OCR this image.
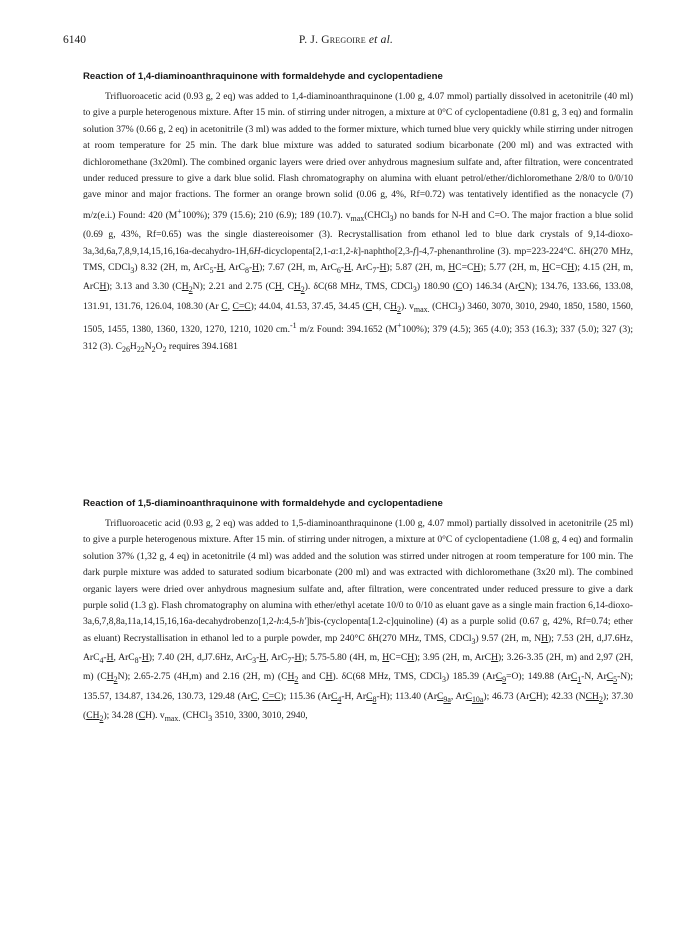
6140	P. J. Gregoire et al.
Reaction of 1,4-diaminoanthraquinone with formaldehyde and cyclopentadiene

Trifluoroacetic acid (0.93 g, 2 eq) was added to 1,4-diaminoanthraquinone (1.00 g, 4.07 mmol) partially dissolved in acetonitrile (40 ml) to give a purple heterogenous mixture. After 15 min. of stirring under nitrogen, a mixture at 0°C of cyclopentadiene (0.81 g, 3 eq) and formalin solution 37% (0.66 g, 2 eq) in acetonitrile (3 ml) was added to the former mixture, which turned blue very quickly while stirring under nitrogen at room temperature for 25 min. The dark blue mixture was added to saturated sodium bicarbonate (200 ml) and was extracted with dichloromethane (3x20ml). The combined organic layers were dried over anhydrous magnesium sulfate and, after filtration, were concentrated under reduced pressure to give a dark blue solid. Flash chromatography on alumina with eluant petrol/ether/dichloromethane 2/8/0 to 0/0/10 gave minor and major fractions. The former an orange brown solid (0.06 g, 4%, Rf=0.72) was tentatively identified as the nonacycle (7) m/z(e.i.) Found: 420 (M+100%); 379 (15.6); 210 (6.9); 189 (10.7). $v_{max}(CHCl_3)$ no bands for N-H and C=O. The major fraction a blue solid (0.69 g, 43%, Rf=0.65) was the single diastereoisomer (3). Recrystallisation from ethanol led to blue dark crystals of 9,14-dioxo-3a,3d,6a,7,8,9,14,15,16,16a-decahydro-1H,6H-dicyclopenta[2,1-a:1,2-k]-naphtho[2,3-f]-4,7-phenanthroline (3). mp=223-224°C. δH(270 MHz, TMS, CDCl$_3$) 8.32 (2H, m, ArC$_5$-H, ArC$_8$-H); 7.67 (2H, m, ArC$_6$-H, ArC$_7$-H); 5.87 (2H, m, HC=CH); 5.77 (2H, m, HC=CH); 4.15 (2H, m, ArCH); 3.13 and 3.30 $(CH_2N)$; 2.21 and 2.75 (CH, $CH_2$). δC(68 MHz, TMS, CDCl$_3$) 180.90 (CO) 146.34 (ArCN); 134.76, 133.66, 133.08, 131.91, 131.76, 126.04, 108.30 (Ar C, C=C); 44.04, 41.53, 37.45, 34.45 (CH, $CH_2$). $v_{max.}$ (CHCl$_3$) 3460, 3070, 3010, 2940, 1850, 1580, 1560, 1505, 1455, 1380, 1360, 1320, 1270, 1210, 1020 cm.$^{-1}$ m/z Found: 394.1652 (M+100%); 379 (4.5); 365 (4.0); 353 (16.3); 337 (5.0); 327 (3); 312 (3). $C_{26}H_{22}N_2O_2$ requires 394.1681

Reaction of 1,5-diaminoanthraquinone with formaldehyde and cyclopentadiene

Trifluoroacetic acid (0.93 g, 2 eq) was added to 1,5-diaminoanthraquinone (1.00 g, 4.07 mmol) partially dissolved in acetonitrile (25 ml) to give a purple heterogenous mixture. After 15 min. of stirring under nitrogen, a mixture at 0°C of cyclopentadiene (1.08 g, 4 eq) and formalin solution 37% (1,32 g, 4 eq) in acetonitrile (4 ml) was added and the solution was stirred under nitrogen at room temperature for 100 min. The dark purple mixture was added to saturated sodium bicarbonate (200 ml) and was extracted with dichloromethane (3x20 ml). The combined organic layers were dried over anhydrous magnesium sulfate and, after filtration, were concentrated under reduced pressure to give a dark purple solid (1.3 g). Flash chromatography on alumina with ether/ethyl acetate 10/0 to 0/10 as eluant gave as a single main fraction 6,14-dioxo-3a,6,7,8,8a,11a,14,15,16,16a-decahydrobenzo[1,2-h:4,5-h']bis-(cyclopenta[1.2-c]quinoline) (4) as a purple solid (0.67 g, 42%, Rf=0.74; ether as eluant) Recrystallisation in ethanol led to a purple powder, mp 240°C δH(270 MHz, TMS, CDCl$_3$) 9.57 (2H, m, NH); 7.53 (2H, d,J7.6Hz, ArC$_4$-H, ArC$_8$-H); 7.40 (2H, d,J7.6Hz, ArC$_3$-H, ArC$_7$-H); 5.75-5.80 (4H, m, HC=CH); 3.95 (2H, m, ArCH); 3.26-3.35 (2H, m) and 2,97 (2H, m) $(CH_2N)$; 2.65-2.75 (4H,m) and 2.16 (2H, m) ($CH_2$ and CH). δC(68 MHz, TMS, CDCl$_3$) 185.39 (ArC$_9$=O); 149.88 (ArC$_1$-N, ArC$_5$-N); 135.57, 134.87, 134.26, 130.73, 129.48 (ArC, C=C); 115.36 (ArC$_4$-H, ArC$_8$-H); 113.40 (ArC$_{9a}$, ArC$_{10a}$); 46.73 (ArCH); 42.33 $(NCH_2)$; 37.30 $(CH_2)$; 34.28 (CH). $v_{max.}$ (CHCl$_3$ 3510, 3300, 3010, 2940,
